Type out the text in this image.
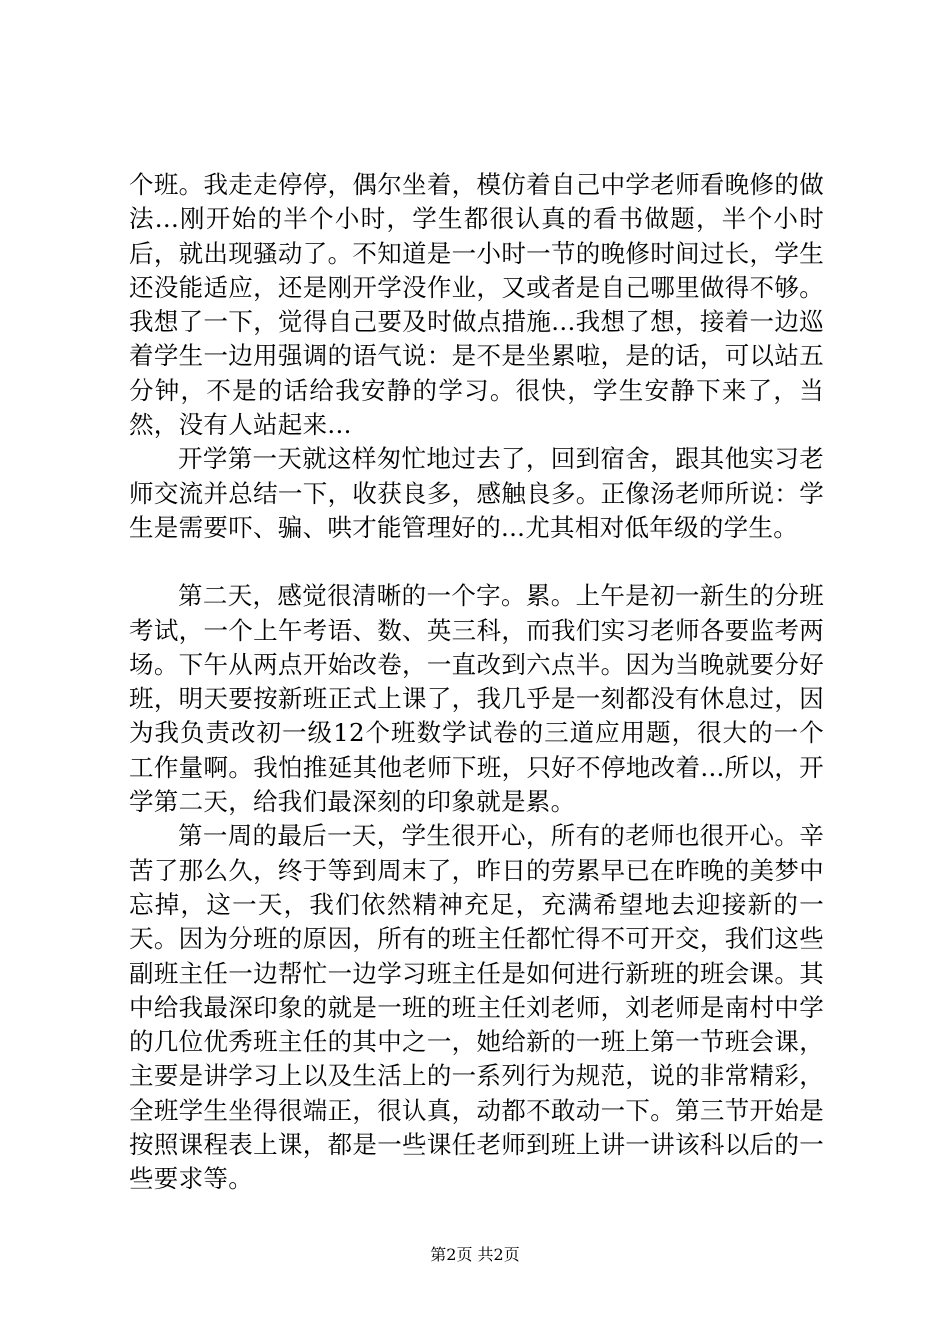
个班。我走走停停，偶尔坐着，模仿着自己中学老师看晚修的做法...刚开始的半个小时，学生都很认真的看书做题，半个小时后，就出现骚动了。不知道是一小时一节的晚修时间过长，学生还没能适应，还是刚开学没作业，又或者是自己哪里做得不够。我想了一下，觉得自己要及时做点措施...我想了想，接着一边巡着学生一边用强调的语气说：是不是坐累啦，是的话，可以站五分钟，不是的话给我安静的学习。很快，学生安静下来了，当然，没有人站起来...

开学第一天就这样匆忙地过去了，回到宿舍，跟其他实习老师交流并总结一下，收获良多，感触良多。正像汤老师所说：学生是需要吓、骗、哄才能管理好的...尤其相对低年级的学生。

第二天，感觉很清晰的一个字。累。上午是初一新生的分班考试，一个上午考语、数、英三科，而我们实习老师各要监考两场。下午从两点开始改卷，一直改到六点半。因为当晚就要分好班，明天要按新班正式上课了，我几乎是一刻都没有休息过，因为我负责改初一级12个班数学试卷的三道应用题，很大的一个工作量啊。我怕推延其他老师下班，只好不停地改着...所以，开学第二天，给我们最深刻的印象就是累。

第一周的最后一天，学生很开心，所有的老师也很开心。辛苦了那么久，终于等到周末了，昨日的劳累早已在昨晚的美梦中忘掉，这一天，我们依然精神充足，充满希望地去迎接新的一天。因为分班的原因，所有的班主任都忙得不可开交，我们这些副班主任一边帮忙一边学习班主任是如何进行新班的班会课。其中给我最深印象的就是一班的班主任刘老师，刘老师是南村中学的几位优秀班主任的其中之一，她给新的一班上第一节班会课，主要是讲学习上以及生活上的一系列行为规范，说的非常精彩，全班学生坐得很端正，很认真，动都不敢动一下。第三节开始是按照课程表上课，都是一些课任老师到班上讲一讲该科以后的一些要求等。

第2页 共2页
